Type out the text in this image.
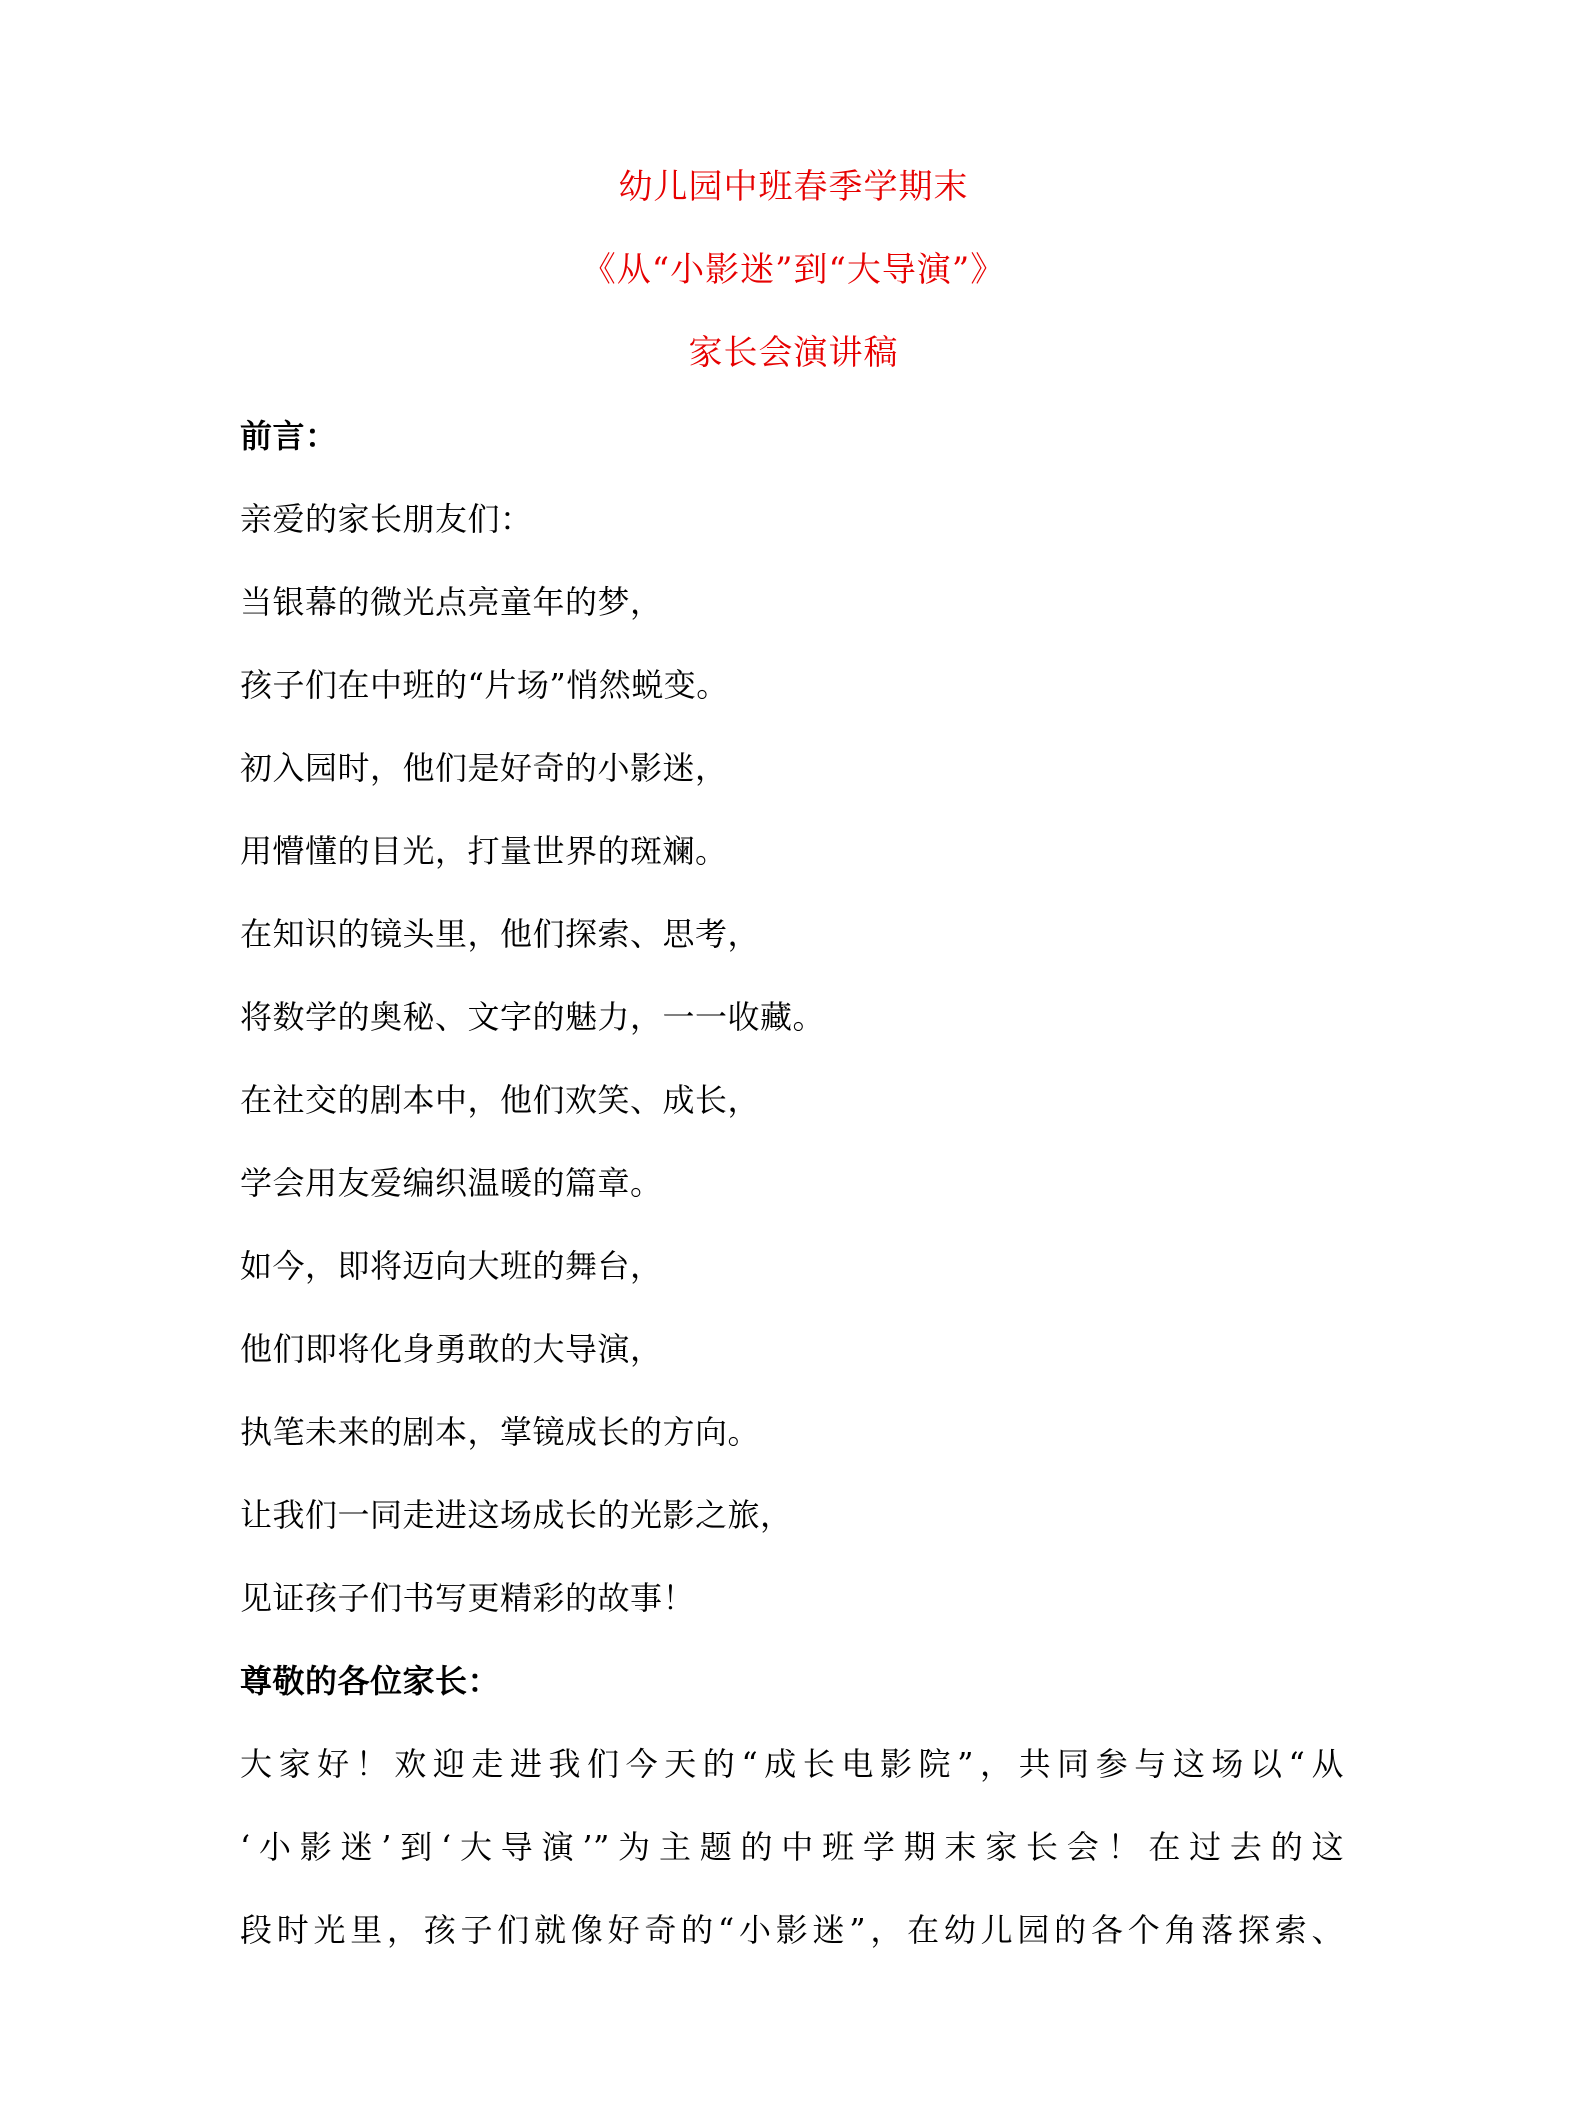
幼儿园中班春季学期末
《从“小影迷”到“大导演”》
家长会演讲稿
前言：
亲爱的家长朋友们：
当银幕的微光点亮童年的梦，
孩子们在中班的“片场”悄然蜕变。
初入园时，他们是好奇的小影迷，
用懵懂的目光，打量世界的斑斓。
在知识的镜头里，他们探索、思考，
将数学的奥秘、文字的魅力，一一收藏。
在社交的剧本中，他们欢笑、成长，
学会用友爱编织温暖的篇章。
如今，即将迈向大班的舞台，
他们即将化身勇敢的大导演，
执笔未来的剧本，掌镜成长的方向。
让我们一同走进这场成长的光影之旅，
见证孩子们书写更精彩的故事！
尊敬的各位家长：
大家好！欢迎走进我们今天的“成长电影院”，共同参与这场以“从
‘小影迷’到‘大导演’”为主题的中班学期末家长会！在过去的这
段时光里，孩子们就像好奇的“小影迷”，在幼儿园的各个角落探索、
